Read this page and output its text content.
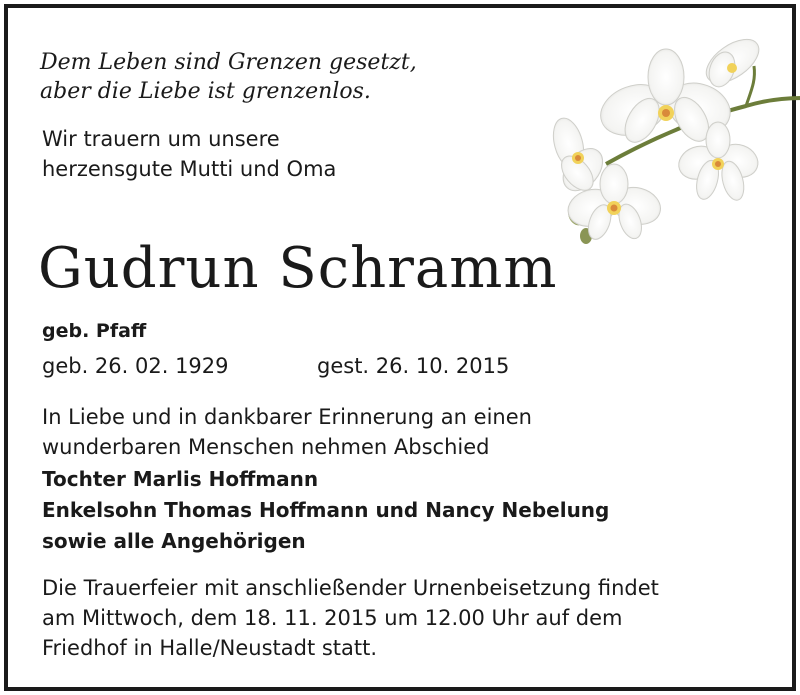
Dem Leben sind Grenzen gesetzt,
aber die Liebe ist grenzenlos.
Wir trauern um unsere
herzensgute Mutti und Oma
Gudrun Schramm
geb. Pfaff
geb. 26. 02. 1929	gest. 26. 10. 2015
In Liebe und in dankbarer Erinnerung an einen
wunderbaren Menschen nehmen Abschied
Tochter Marlis Hoffmann
Enkelsohn Thomas Hoffmann und Nancy Nebelung
sowie alle Angehörigen
Die Trauerfeier mit anschließender Urnenbeisetzung findet
am Mittwoch, dem 18. 11. 2015 um 12.00 Uhr auf dem
Friedhof in Halle/Neustadt statt.
